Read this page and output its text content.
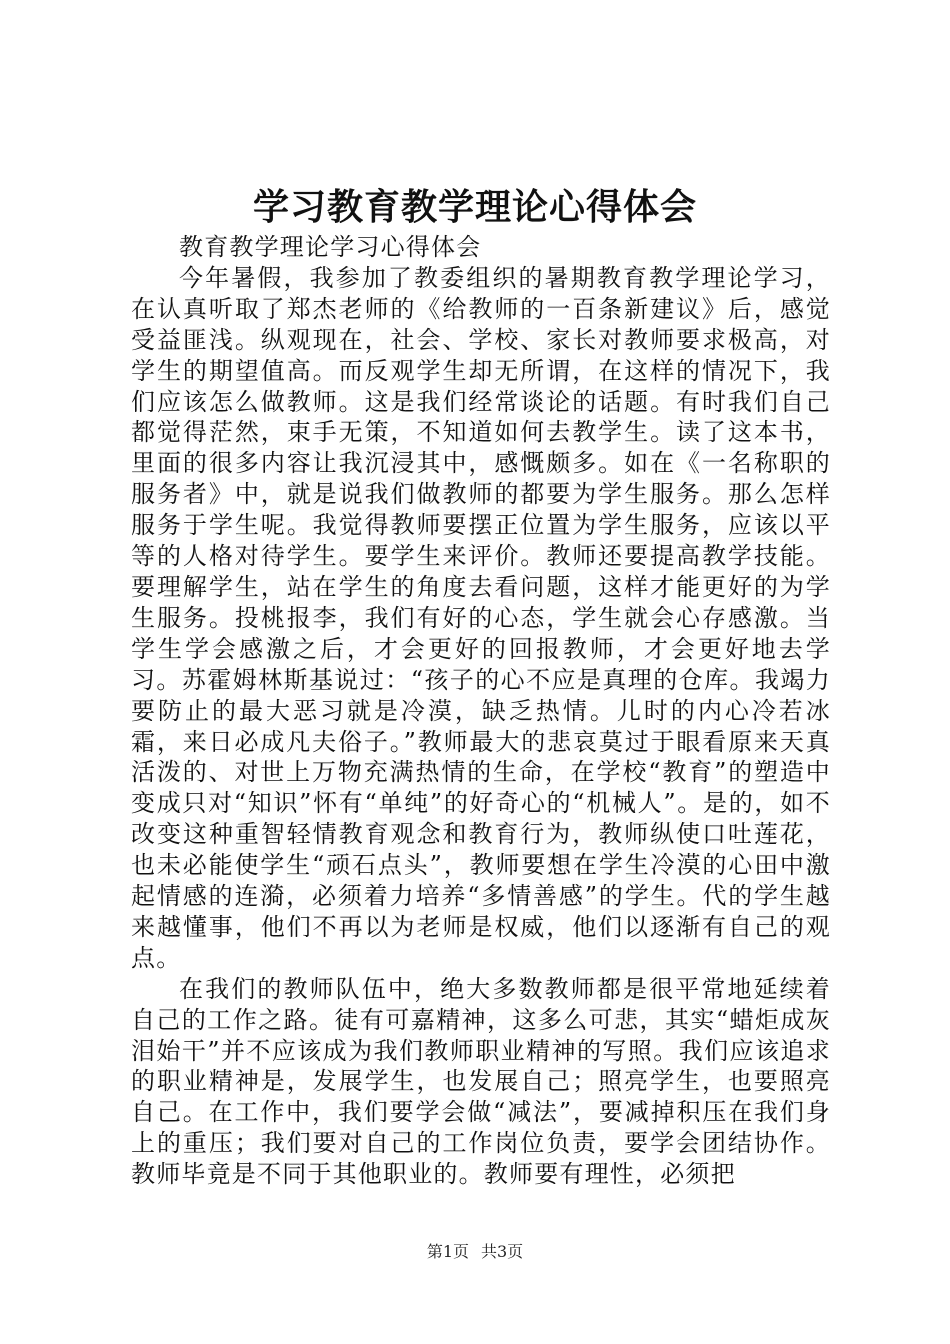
学习教育教学理论心得体会

教育教学理论学习心得体会

今年暑假，我参加了教委组织的暑期教育教学理论学习，在认真听取了郑杰老师的《给教师的一百条新建议》后，感觉受益匪浅。纵观现在，社会、学校、家长对教师要求极高，对学生的期望值高。而反观学生却无所谓，在这样的情况下，我们应该怎么做教师。这是我们经常谈论的话题。有时我们自己都觉得茫然，束手无策，不知道如何去教学生。读了这本书，里面的很多内容让我沉浸其中，感慨颇多。如在《一名称职的服务者》中，就是说我们做教师的都要为学生服务。那么怎样服务于学生呢。我觉得教师要摆正位置为学生服务，应该以平等的人格对待学生。要学生来评价。教师还要提高教学技能。要理解学生，站在学生的角度去看问题，这样才能更好的为学生服务。投桃报李，我们有好的心态，学生就会心存感激。当学生学会感激之后，才会更好的回报教师，才会更好地去学习。苏霍姆林斯基说过：“孩子的心不应是真理的仓库。我竭力要防止的最大恶习就是冷漠，缺乏热情。儿时的内心冷若冰霜，来日必成凡夫俗子。”教师最大的悲哀莫过于眼看原来天真活泼的、对世上万物充满热情的生命，在学校“教育”的塑造中变成只对“知识”怀有“单纯”的好奇心的“机械人”。是的，如不改变这种重智轻情教育观念和教育行为，教师纵使口吐莲花，也未必能使学生“顽石点头”，教师要想在学生冷漠的心田中激起情感的连漪，必须着力培养“多情善感”的学生。代的学生越来越懂事，他们不再以为老师是权威，他们以逐渐有自己的观点。

在我们的教师队伍中，绝大多数教师都是很平常地延续着自己的工作之路。徒有可嘉精神，这多么可悲，其实“蜡炬成灰泪始干”并不应该成为我们教师职业精神的写照。我们应该追求的职业精神是，发展学生，也发展自己；照亮学生，也要照亮自己。在工作中，我们要学会做“减法”，要减掉积压在我们身上的重压；我们要对自己的工作岗位负责，要学会团结协作。教师毕竟是不同于其他职业的。教师要有理性，必须把

第1页 共3页
